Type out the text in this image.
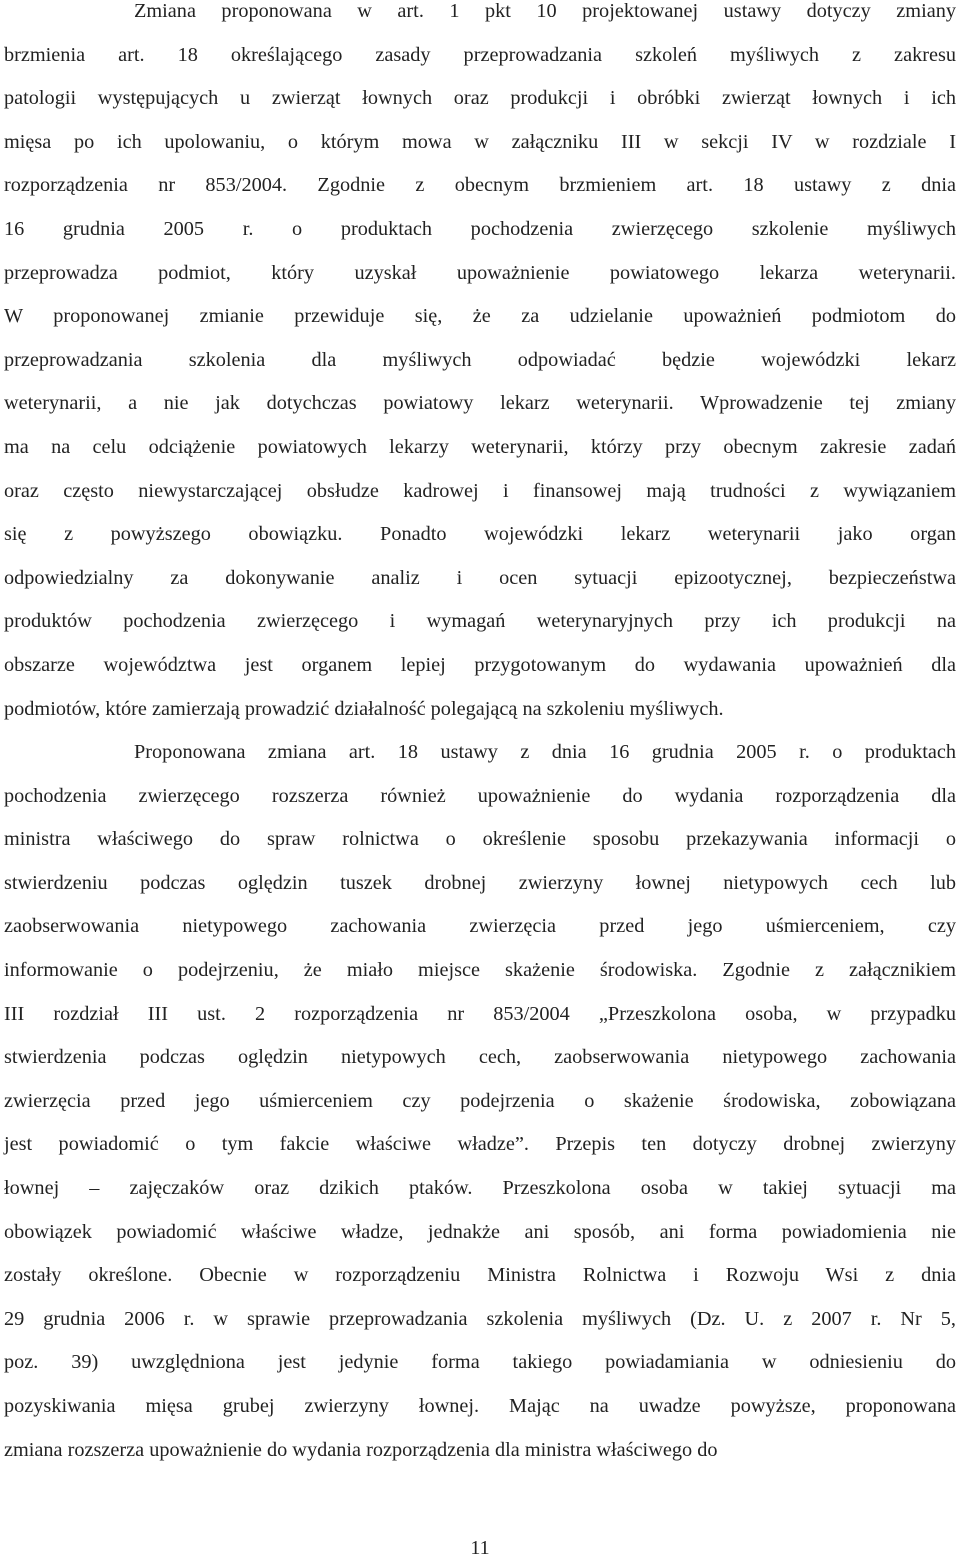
Zmiana proponowana w art. 1 pkt 10 projektowanej ustawy dotyczy zmiany
brzmienia art. 18 określającego zasady przeprowadzania szkoleń myśliwych z zakresu
patologii występujących u zwierząt łownych oraz produkcji i obróbki zwierząt łownych i ich
mięsa po ich upolowaniu, o którym mowa w załączniku III w sekcji IV w rozdziale I
rozporządzenia nr 853/2004. Zgodnie z obecnym brzmieniem art. 18 ustawy z dnia
16 grudnia 2005 r. o produktach pochodzenia zwierzęcego szkolenie myśliwych
przeprowadza podmiot, który uzyskał upoważnienie powiatowego lekarza weterynarii.
W proponowanej zmianie przewiduje się, że za udzielanie upoważnień podmiotom do
przeprowadzania szkolenia dla myśliwych odpowiadać będzie wojewódzki lekarz
weterynarii, a nie jak dotychczas powiatowy lekarz weterynarii. Wprowadzenie tej zmiany
ma na celu odciążenie powiatowych lekarzy weterynarii, którzy przy obecnym zakresie zadań
oraz często niewystarczającej obsłudze kadrowej i finansowej mają trudności z wywiązaniem
się z powyższego obowiązku. Ponadto wojewódzki lekarz weterynarii jako organ
odpowiedzialny za dokonywanie analiz i ocen sytuacji epizootycznej, bezpieczeństwa
produktów pochodzenia zwierzęcego i wymagań weterynaryjnych przy ich produkcji na
obszarze województwa jest organem lepiej przygotowanym do wydawania upoważnień dla
podmiotów, które zamierzają prowadzić działalność polegającą na szkoleniu myśliwych.
Proponowana zmiana art. 18 ustawy z dnia 16 grudnia 2005 r. o produktach
pochodzenia zwierzęcego rozszerza również upoważnienie do wydania rozporządzenia dla
ministra właściwego do spraw rolnictwa o określenie sposobu przekazywania informacji o
stwierdzeniu podczas oględzin tuszek drobnej zwierzyny łownej nietypowych cech lub
zaobserwowania nietypowego zachowania zwierzęcia przed jego uśmierceniem, czy
informowanie o podejrzeniu, że miało miejsce skażenie środowiska. Zgodnie z załącznikiem
III rozdział III ust. 2 rozporządzenia nr 853/2004 „Przeszkolona osoba, w przypadku
stwierdzenia podczas oględzin nietypowych cech, zaobserwowania nietypowego zachowania
zwierzęcia przed jego uśmierceniem czy podejrzenia o skażenie środowiska, zobowiązana
jest powiadomić o tym fakcie właściwe władze”. Przepis ten dotyczy drobnej zwierzyny
łownej – zajęczaków oraz dzikich ptaków. Przeszkolona osoba w takiej sytuacji ma
obowiązek powiadomić właściwe władze, jednakże ani sposób, ani forma powiadomienia nie
zostały określone. Obecnie w rozporządzeniu Ministra Rolnictwa i Rozwoju Wsi z dnia
29 grudnia 2006 r. w sprawie przeprowadzania szkolenia myśliwych (Dz. U. z 2007 r. Nr 5,
poz. 39) uwzględniona jest jedynie forma takiego powiadamiania w odniesieniu do
pozyskiwania mięsa grubej zwierzyny łownej. Mając na uwadze powyższe, proponowana
zmiana rozszerza upoważnienie do wydania rozporządzenia dla ministra właściwego do
11
